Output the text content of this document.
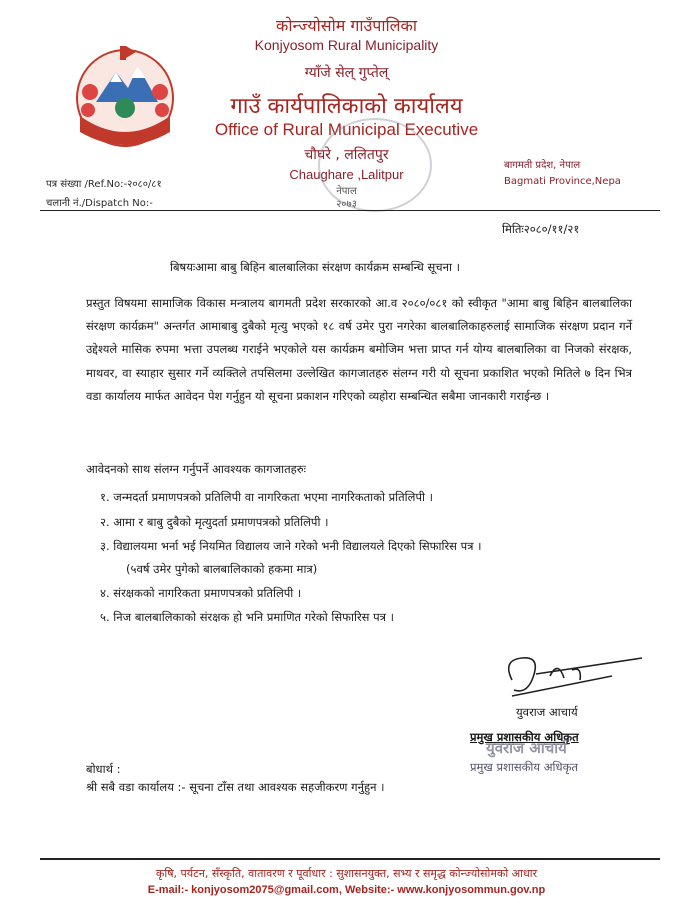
कोन्ज्योसोम गाउँपालिका
Konjyosom Rural Municipality
ग्याँजे सेल् गुप्तेल्
गाउँ कार्यपालिकाको कार्यालय
Office of Rural Municipal Executive
चौघरे , ललितपुर
Chaughare ,Lalitpur
नेपाल
२०७३
बागमती प्रदेश, नेपाल
Bagmati Province,Nepa
पत्र संख्या /Ref.No:-२०८०/८१
चलानी नं./Dispatch No:-
मितिः२०८०/११/२१
बिषयःआमा बाबु बिहिन बालबालिका संरक्षण कार्यक्रम सम्बन्धि सूचना ।
प्रस्तुत विषयमा सामाजिक विकास मन्त्रालय बागमती प्रदेश सरकारको आ.व २०८०/०८१ को स्वीकृत "आमा बाबु बिहिन बालबालिका संरक्षण कार्यक्रम" अन्तर्गत आमाबाबु दुबैको मृत्यु भएको १८ वर्ष उमेर पुरा नगरेका बालबालिकाहरुलाई सामाजिक संरक्षण प्रदान गर्ने उद्देश्यले मासिक रुपमा भत्ता उपलब्ध गराईने भएकोले यस कार्यक्रम बमोजिम भत्ता प्राप्त गर्न योग्य बालबालिका वा निजको संरक्षक, माथवर, वा स्याहार सुसार गर्ने व्यक्तिले तपसिलमा उल्लेखित कागजातहरु संलग्न गरी यो सूचना प्रकाशित भएको मितिले ७ दिन भित्र वडा कार्यालय मार्फत आवेदन पेश गर्नुहुन यो सूचना प्रकाशन गरिएको व्यहोरा सम्बन्धित सबैमा जानकारी गराईन्छ ।
आवेदनको साथ संलग्न गर्नुपर्ने आवश्यक कागजातहरुः
१. जन्मदर्ता प्रमाणपत्रको प्रतिलिपी वा नागरिकता भएमा नागरिकताको प्रतिलिपी ।
२. आमा र बाबु दुबैको मृत्युदर्ता प्रमाणपत्रको प्रतिलिपी ।
३. विद्यालयमा भर्ना भई नियमित विद्यालय जाने गरेको भनी विद्यालयले दिएको सिफारिस पत्र ।
(५वर्ष उमेर पुगेको बालबालिकाको हकमा मात्र)
४. संरक्षकको नागरिकता प्रमाणपत्रको प्रतिलिपी ।
५. निज बालबालिकाको संरक्षक हो भनि प्रमाणित गरेको सिफारिस पत्र ।
युवराज आचार्य
प्रमुख प्रशासकीय अधिकृत
युवराज आचार्य
प्रमुख प्रशासकीय अधिकृत
बोधार्थ :
श्री सबै वडा कार्यालय :- सूचना टाँस तथा आवश्यक सहजीकरण गर्नुहुन ।
कृषि, पर्यटन, सँस्कृति, वातावरण र पूर्वाधार : सुशासनयुक्त, सभ्य र समृद्ध कोन्ज्योसोमको आधार
E-mail:- konjyosom2075@gmail.com, Website:- www.konjyosommun.gov.np
